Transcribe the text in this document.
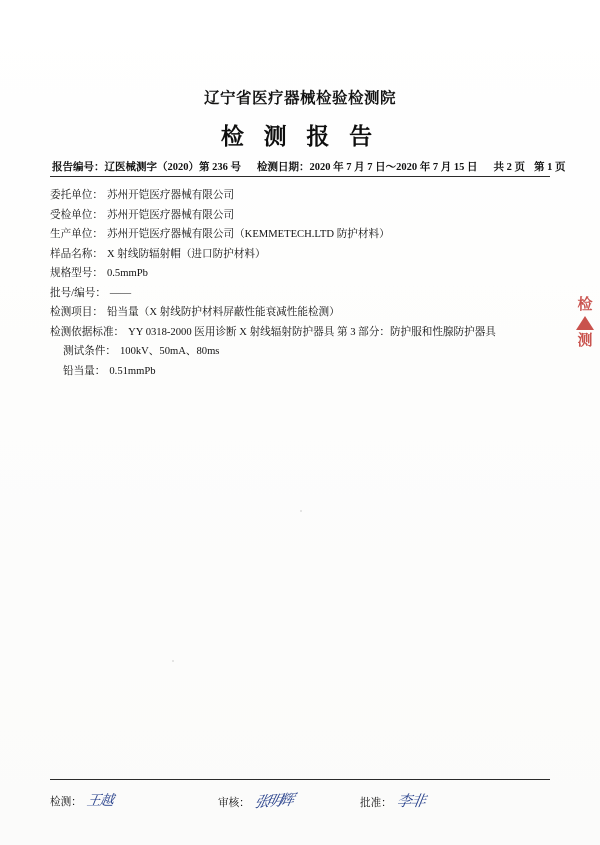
辽宁省医疗器械检验检测院
检 测 报 告
报告编号：辽医械测字（2020）第 236 号 检测日期：2020 年 7 月 7 日～2020 年 7 月 15 日 共 2 页 第 1 页
委托单位： 苏州开铠医疗器械有限公司
受检单位： 苏州开铠医疗器械有限公司
生产单位： 苏州开铠医疗器械有限公司（KEMMETECH.LTD 防护材料）
样品名称： X 射线防辐射帽（进口防护材料）
规格型号： 0.5mmPb
批号/编号： ——
检测项目： 铅当量（X 射线防护材料屏蔽性能衰减性能检测）
检测依据标准： YY 0318-2000 医用诊断 X 射线辐射防护器具 第 3 部分：防护服和性腺防护器具
测试条件： 100kV、50mA、80ms
铅当量： 0.51mmPb
检
测
检测： 王越	审核： 张明辉	批准： 李非
